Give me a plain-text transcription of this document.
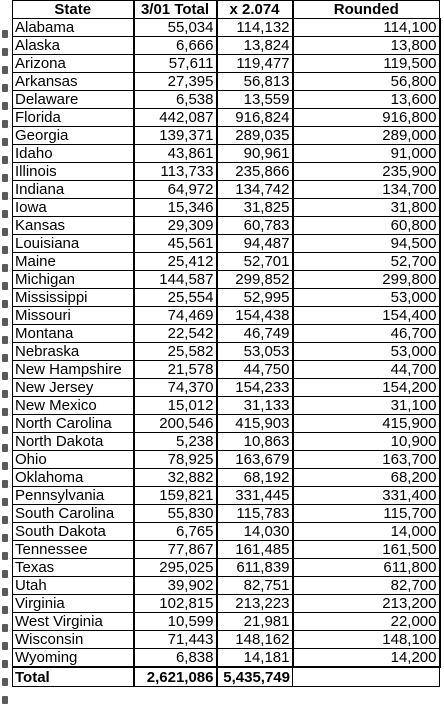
State	3/01 Total	x 2.074	Rounded
Alabama	55,034	114,132	114,100
Alaska	6,666	13,824	13,800
Arizona	57,611	119,477	119,500
Arkansas	27,395	56,813	56,800
Delaware	6,538	13,559	13,600
Florida	442,087	916,824	916,800
Georgia	139,371	289,035	289,000
Idaho	43,861	90,961	91,000
Illinois	113,733	235,866	235,900
Indiana	64,972	134,742	134,700
Iowa	15,346	31,825	31,800
Kansas	29,309	60,783	60,800
Louisiana	45,561	94,487	94,500
Maine	25,412	52,701	52,700
Michigan	144,587	299,852	299,800
Mississippi	25,554	52,995	53,000
Missouri	74,469	154,438	154,400
Montana	22,542	46,749	46,700
Nebraska	25,582	53,053	53,000
New Hampshire	21,578	44,750	44,700
New Jersey	74,370	154,233	154,200
New Mexico	15,012	31,133	31,100
North Carolina	200,546	415,903	415,900
North Dakota	5,238	10,863	10,900
Ohio	78,925	163,679	163,700
Oklahoma	32,882	68,192	68,200
Pennsylvania	159,821	331,445	331,400
South Carolina	55,830	115,783	115,700
South Dakota	6,765	14,030	14,000
Tennessee	77,867	161,485	161,500
Texas	295,025	611,839	611,800
Utah	39,902	82,751	82,700
Virginia	102,815	213,223	213,200
West Virginia	10,599	21,981	22,000
Wisconsin	71,443	148,162	148,100
Wyoming	6,838	14,181	14,200
Total	2,621,086	5,435,749	
